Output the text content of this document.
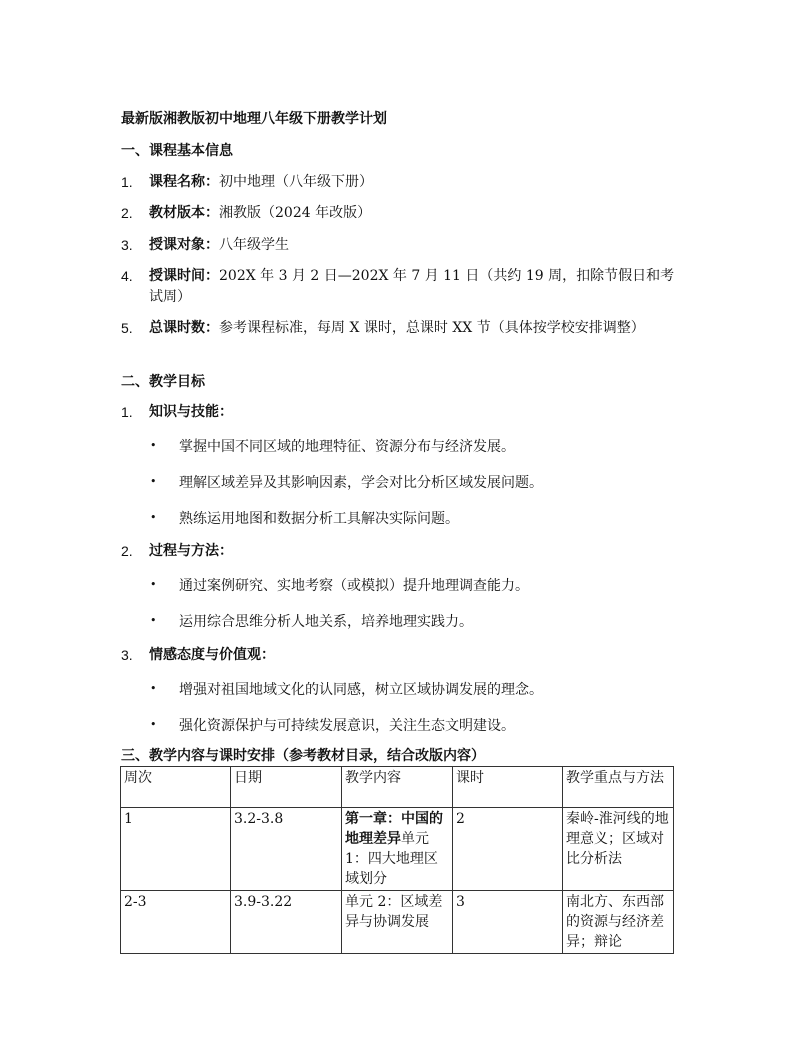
最新版湘教版初中地理八年级下册教学计划
一、课程基本信息
1. 课程名称：初中地理（八年级下册）
2. 教材版本：湘教版（2024 年改版）
3. 授课对象：八年级学生
4. 授课时间：202X 年 3 月 2 日—202X 年 7 月 11 日（共约 19 周，扣除节假日和考试周）
5. 总课时数：参考课程标准，每周 X 课时，总课时 XX 节（具体按学校安排调整）
二、教学目标
1. 知识与技能：
• 掌握中国不同区域的地理特征、资源分布与经济发展。
• 理解区域差异及其影响因素，学会对比分析区域发展问题。
• 熟练运用地图和数据分析工具解决实际问题。
2. 过程与方法：
• 通过案例研究、实地考察（或模拟）提升地理调查能力。
• 运用综合思维分析人地关系，培养地理实践力。
3. 情感态度与价值观：
• 增强对祖国地域文化的认同感，树立区域协调发展的理念。
• 强化资源保护与可持续发展意识，关注生态文明建设。
三、教学内容与课时安排（参考教材目录，结合改版内容）
周次	日期	教学内容	课时	教学重点与方法
1	3.2-3.8	第一章：中国的地理差异单元 1：四大地理区域划分	2	秦岭-淮河线的地理意义；区域对比分析法
2-3	3.9-3.22	单元 2：区域差异与协调发展	3	南北方、东西部的资源与经济差异；辩论
